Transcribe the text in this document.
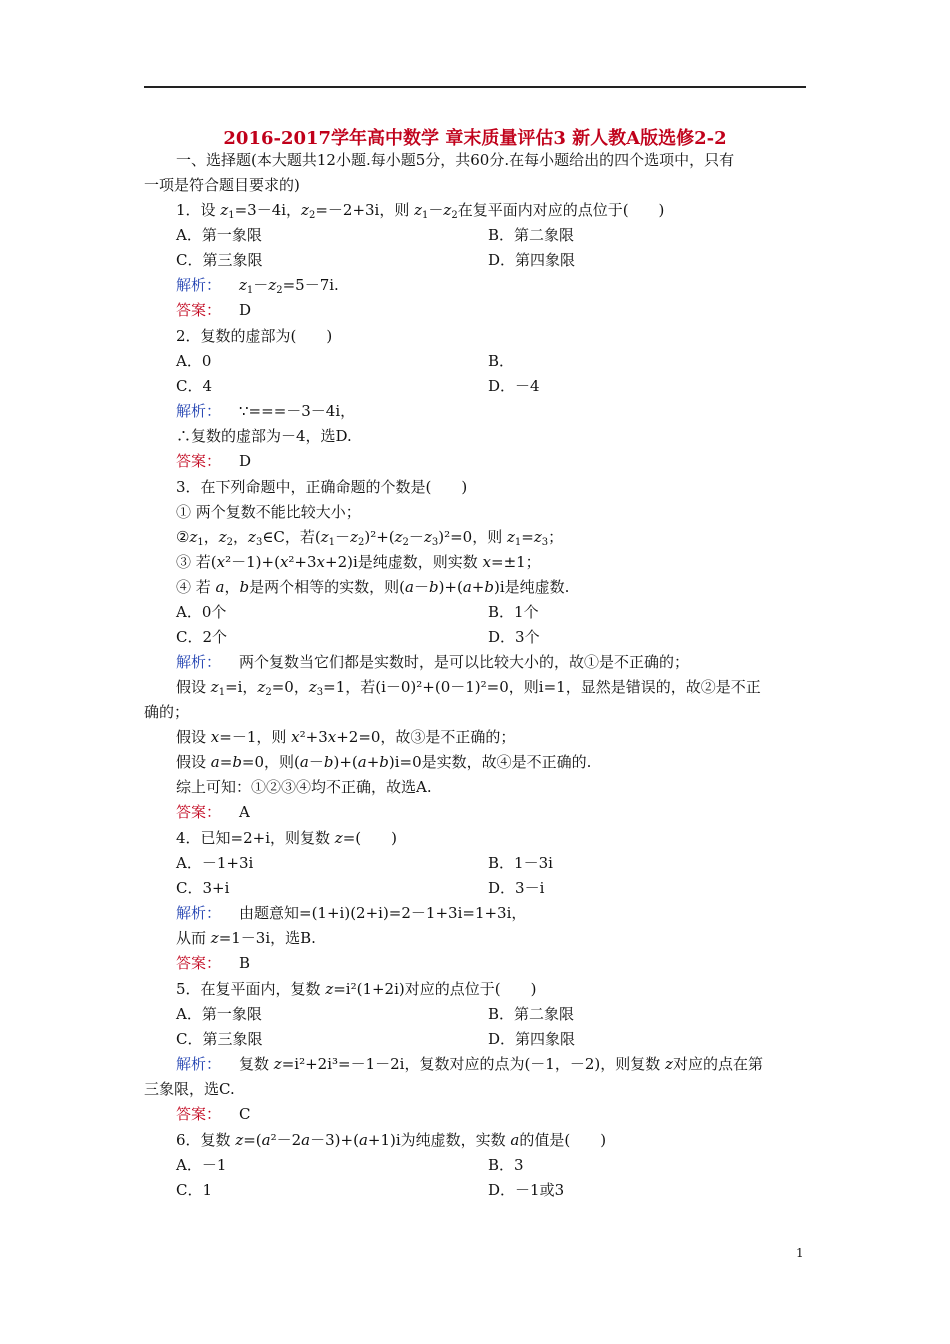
2016-2017学年高中数学 章末质量评估3 新人教A版选修2-2
一、选择题(本大题共12小题.每小题5分，共60分.在每小题给出的四个选项中，只有
一项是符合题目要求的)
1．设 $z_1=3-4i$，$z_2=-2+3i$，则 $z_1-z_2$在复平面内对应的点位于(　　)
A．第一象限	B．第二象限
C．第三象限	D．第四象限
解析： $z_1-z_2=5-7i$.
答案： D
2．复数的虚部为(　　)
A．0	B．
C．4	D．－4
解析： ∵===－3－4i，
∴复数的虚部为－4，选D.
答案： D
3．在下列命题中，正确命题的个数是(　　)
① 两个复数不能比较大小；
$②z_1$，$z_2$，$z_3\in C$，若$(z_1-z_2)^2+(z_2-z_3)^2=0$，则 $z_1=z_3$；
③ 若(x²－1)+(x²+3x+2)i是纯虚数，则实数 x=±1；
④ 若 a，b是两个相等的实数，则(a－b)+(a+b)i是纯虚数.
A．0个	B．1个
C．2个	D．3个
解析： 两个复数当它们都是实数时，是可以比较大小的，故①是不正确的；
假设 $z_1=i$，$z_2=0$，$z_3=1$，若(i－0)²+(0－1)²=0，则i=1，显然是错误的，故②是不正
确的；
假设 x=－1，则 x²+3x+2=0，故③是不正确的；
假设 a=b=0，则(a－b)+(a+b)i=0是实数，故④是不正确的.
综上可知：①②③④均不正确，故选A.
答案： A
4．已知=2+i，则复数 z=(　　)
A．－1+3i	B．1－3i
C．3+i	D．3－i
解析： 由题意知=(1+i)(2+i)=2－1+3i=1+3i，
从而 z=1－3i，选B.
答案： B
5．在复平面内，复数 z=i²(1+2i)对应的点位于(　　)
A．第一象限	B．第二象限
C．第三象限	D．第四象限
解析： 复数 z=i²+2i³=－1－2i，复数对应的点为(－1，－2)，则复数 z对应的点在第
三象限，选C.
答案： C
6．复数 z=(a²－2a－3)+(a+1)i为纯虚数，实数 a的值是(　　)
A．－1	B．3
C．1	D．－1或3
1
